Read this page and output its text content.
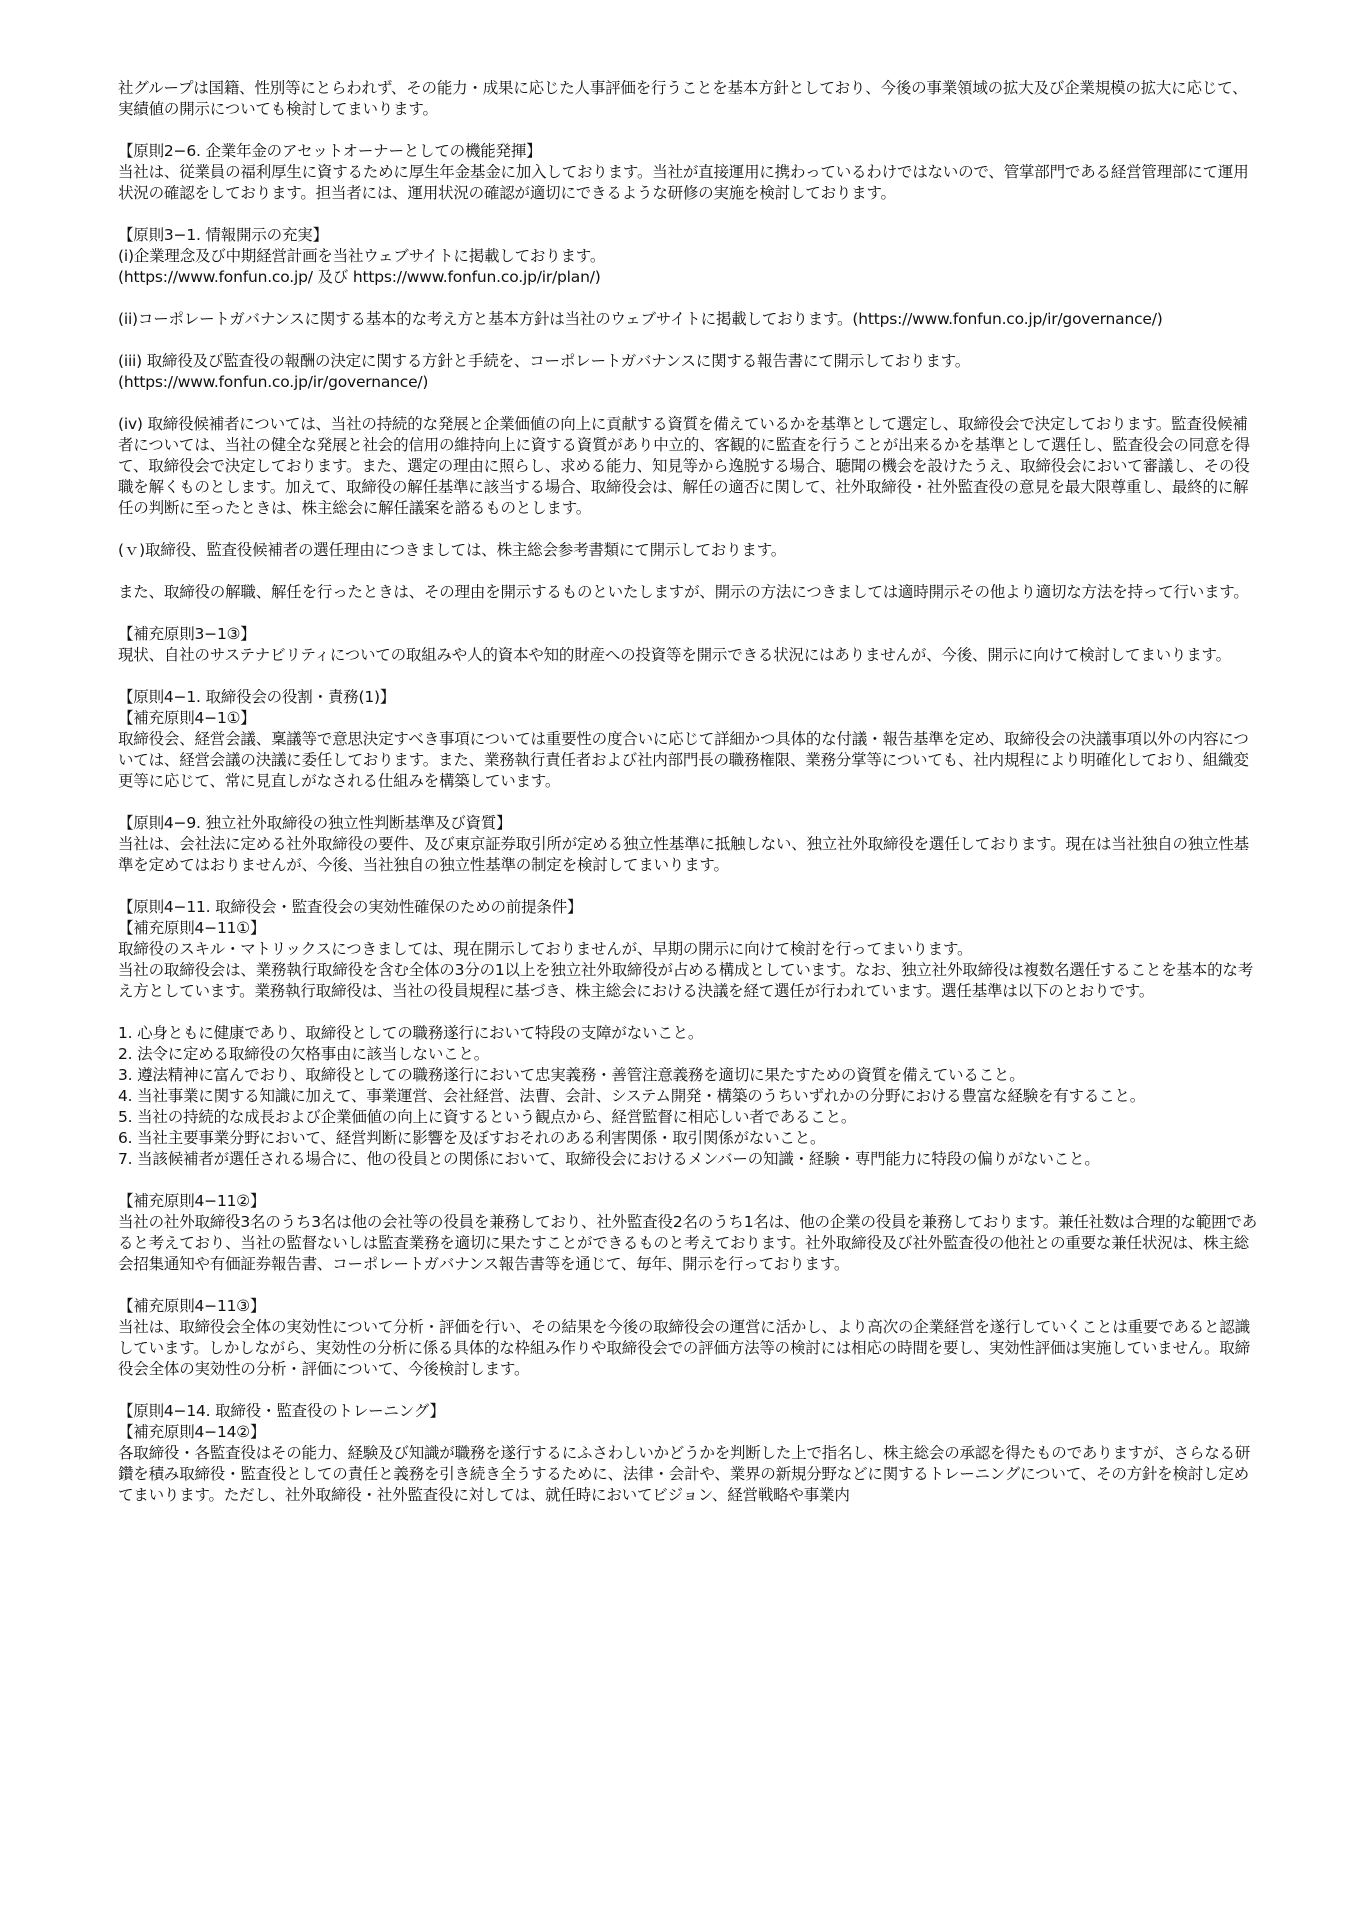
社グループは国籍、性別等にとらわれず、その能力・成果に応じた人事評価を行うことを基本方針としており、今後の事業領域の拡大及び企業規模の拡大に応じて、実績値の開示についても検討してまいります。

【原則2−6. 企業年金のアセットオーナーとしての機能発揮】

当社は、従業員の福利厚生に資するために厚生年金基金に加入しております。当社が直接運用に携わっているわけではないので、管掌部門である経営管理部にて運用状況の確認をしております。担当者には、運用状況の確認が適切にできるような研修の実施を検討しております。

【原則3−1. 情報開示の充実】

(i)企業理念及び中期経営計画を当社ウェブサイトに掲載しております。

(https://www.fonfun.co.jp/ 及び https://www.fonfun.co.jp/ir/plan/)

(ii)コーポレートガバナンスに関する基本的な考え方と基本方針は当社のウェブサイトに掲載しております。(https://www.fonfun.co.jp/ir/governance/)

(iii) 取締役及び監査役の報酬の決定に関する方針と手続を、コーポレートガバナンスに関する報告書にて開示しております。(https://www.fonfun.co.jp/ir/governance/)

(iv) 取締役候補者については、当社の持続的な発展と企業価値の向上に貢献する資質を備えているかを基準として選定し、取締役会で決定しております。監査役候補者については、当社の健全な発展と社会的信用の維持向上に資する資質があり中立的、客観的に監査を行うことが出来るかを基準として選任し、監査役会の同意を得て、取締役会で決定しております。また、選定の理由に照らし、求める能力、知見等から逸脱する場合、聴聞の機会を設けたうえ、取締役会において審議し、その役職を解くものとします。加えて、取締役の解任基準に該当する場合、取締役会は、解任の適否に関して、社外取締役・社外監査役の意見を最大限尊重し、最終的に解任の判断に至ったときは、株主総会に解任議案を諮るものとします。

(ｖ)取締役、監査役候補者の選任理由につきましては、株主総会参考書類にて開示しております。

また、取締役の解職、解任を行ったときは、その理由を開示するものといたしますが、開示の方法につきましては適時開示その他より適切な方法を持って行います。

【補充原則3−1③】

現状、自社のサステナビリティについての取組みや人的資本や知的財産への投資等を開示できる状況にはありませんが、今後、開示に向けて検討してまいります。

【原則4−1. 取締役会の役割・責務(1)】

【補充原則4−1①】

取締役会、経営会議、稟議等で意思決定すべき事項については重要性の度合いに応じて詳細かつ具体的な付議・報告基準を定め、取締役会の決議事項以外の内容については、経営会議の決議に委任しております。また、業務執行責任者および社内部門長の職務権限、業務分掌等についても、社内規程により明確化しており、組織変更等に応じて、常に見直しがなされる仕組みを構築しています。

【原則4−9. 独立社外取締役の独立性判断基準及び資質】

当社は、会社法に定める社外取締役の要件、及び東京証券取引所が定める独立性基準に抵触しない、独立社外取締役を選任しております。現在は当社独自の独立性基準を定めてはおりませんが、今後、当社独自の独立性基準の制定を検討してまいります。

【原則4−11. 取締役会・監査役会の実効性確保のための前提条件】

【補充原則4−11①】

取締役のスキル・マトリックスにつきましては、現在開示しておりませんが、早期の開示に向けて検討を行ってまいります。

当社の取締役会は、業務執行取締役を含む全体の3分の1以上を独立社外取締役が占める構成としています。なお、独立社外取締役は複数名選任することを基本的な考え方としています。業務執行取締役は、当社の役員規程に基づき、株主総会における決議を経て選任が行われています。選任基準は以下のとおりです。

1. 心身ともに健康であり、取締役としての職務遂行において特段の支障がないこと。
2. 法令に定める取締役の欠格事由に該当しないこと。
3. 遵法精神に富んでおり、取締役としての職務遂行において忠実義務・善管注意義務を適切に果たすための資質を備えていること。
4. 当社事業に関する知識に加えて、事業運営、会社経営、法曹、会計、システム開発・構築のうちいずれかの分野における豊富な経験を有すること。
5. 当社の持続的な成長および企業価値の向上に資するという観点から、経営監督に相応しい者であること。
6. 当社主要事業分野において、経営判断に影響を及ぼすおそれのある利害関係・取引関係がないこと。
7. 当該候補者が選任される場合に、他の役員との関係において、取締役会におけるメンバーの知識・経験・専門能力に特段の偏りがないこと。

【補充原則4−11②】

当社の社外取締役3名のうち3名は他の会社等の役員を兼務しており、社外監査役2名のうち1名は、他の企業の役員を兼務しております。兼任社数は合理的な範囲であると考えており、当社の監督ないしは監査業務を適切に果たすことができるものと考えております。社外取締役及び社外監査役の他社との重要な兼任状況は、株主総会招集通知や有価証券報告書、コーポレートガバナンス報告書等を通じて、毎年、開示を行っております。

【補充原則4−11③】

当社は、取締役会全体の実効性について分析・評価を行い、その結果を今後の取締役会の運営に活かし、より高次の企業経営を遂行していくことは重要であると認識しています。しかしながら、実効性の分析に係る具体的な枠組み作りや取締役会での評価方法等の検討には相応の時間を要し、実効性評価は実施していません。取締役会全体の実効性の分析・評価について、今後検討します。

【原則4−14. 取締役・監査役のトレーニング】

【補充原則4−14②】

各取締役・各監査役はその能力、経験及び知識が職務を遂行するにふさわしいかどうかを判断した上で指名し、株主総会の承認を得たものでありますが、さらなる研鑽を積み取締役・監査役としての責任と義務を引き続き全うするために、法律・会計や、業界の新規分野などに関するトレーニングについて、その方針を検討し定めてまいります。ただし、社外取締役・社外監査役に対しては、就任時においてビジョン、経営戦略や事業内
